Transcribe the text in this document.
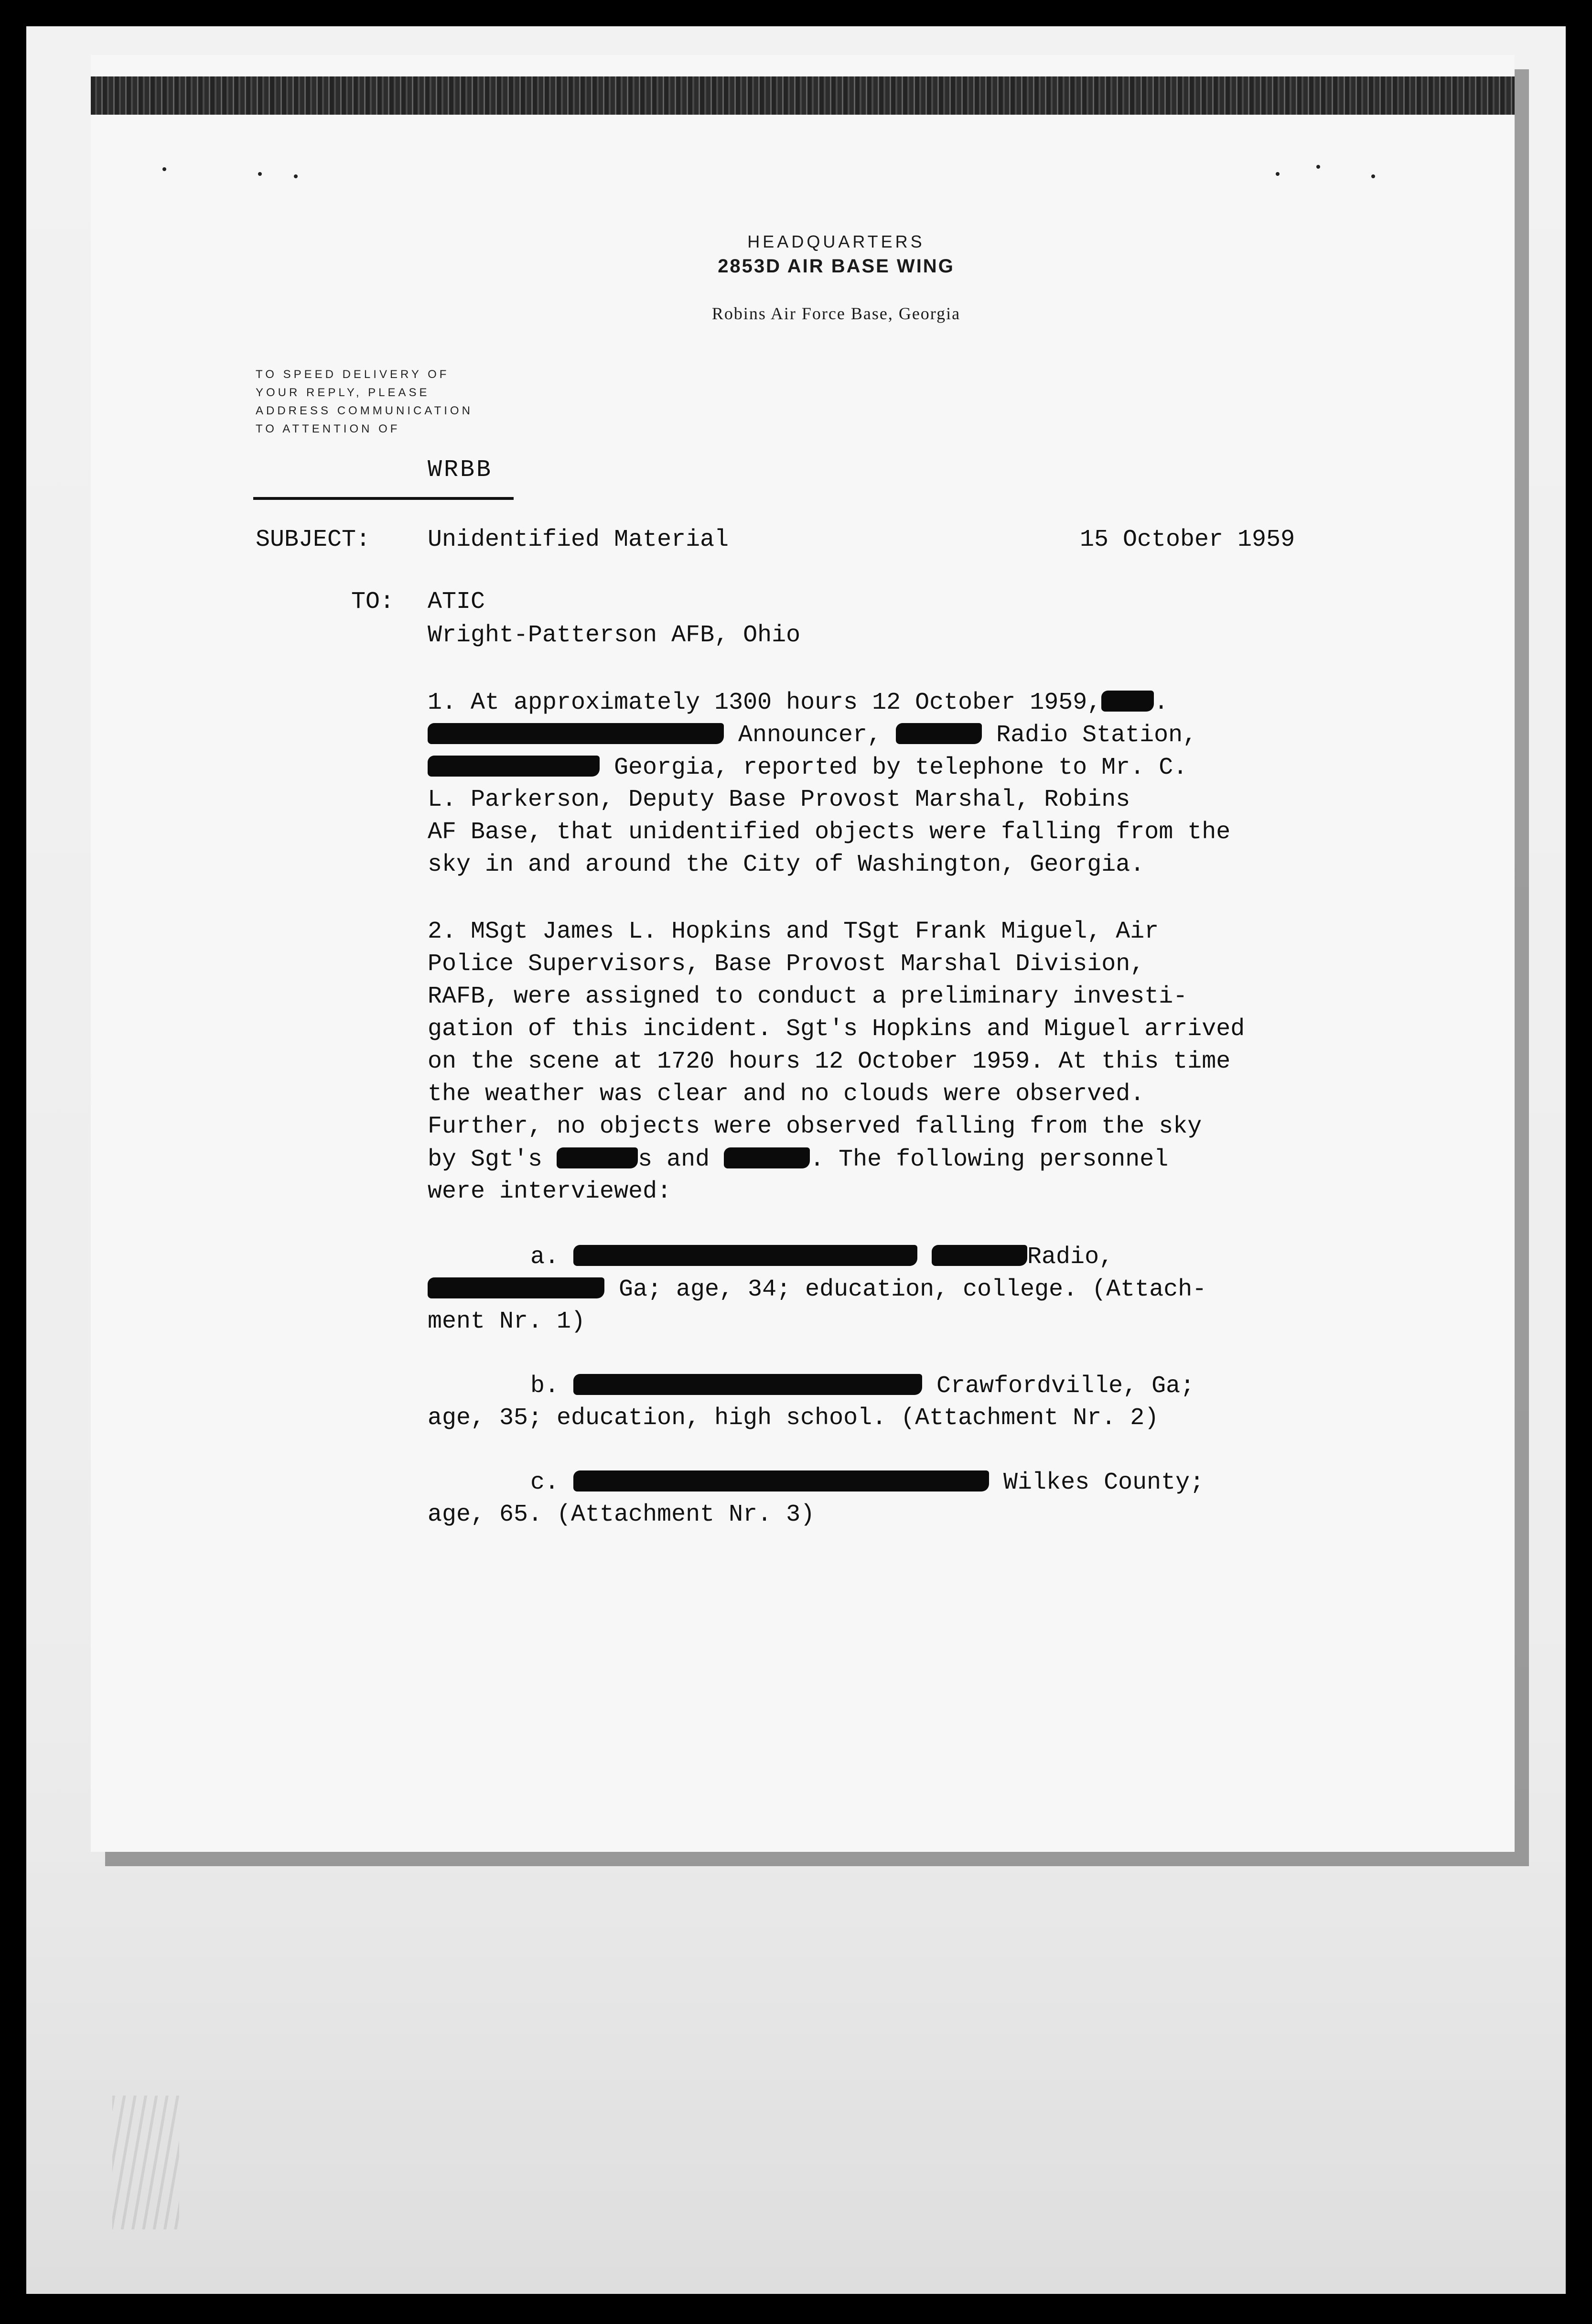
HEADQUARTERS
2853D AIR BASE WING
Robins Air Force Base, Georgia
TO SPEED DELIVERY OF
YOUR REPLY, PLEASE
ADDRESS COMMUNICATION
TO ATTENTION OF
WRBB
SUBJECT: Unidentified Material	15 October 1959
TO: ATIC
Wright-Patterson AFB, Ohio
1. At approximately 1300 hours 12 October 1959, .
Announcer,	Radio Station,
Georgia, reported by telephone to Mr. C.
L. Parkerson, Deputy Base Provost Marshal, Robins
AF Base, that unidentified objects were falling from the
sky in and around the City of Washington, Georgia.
2. MSgt James L. Hopkins and TSgt Frank Miguel, Air
Police Supervisors, Base Provost Marshal Division,
RAFB, were assigned to conduct a preliminary investi-
gation of this incident. Sgt's Hopkins and Miguel arrived
on the scene at 1720 hours 12 October 1959. At this time
the weather was clear and no clouds were observed.
Further, no objects were observed falling from the sky
by Sgt's	s and	. The following personnel
were interviewed:
a.	Radio,
Ga; age, 34; education, college. (Attach-
ment Nr. 1)
b.	Crawfordville, Ga;
age, 35; education, high school. (Attachment Nr. 2)
c.	Wilkes County;
age, 65. (Attachment Nr. 3)
